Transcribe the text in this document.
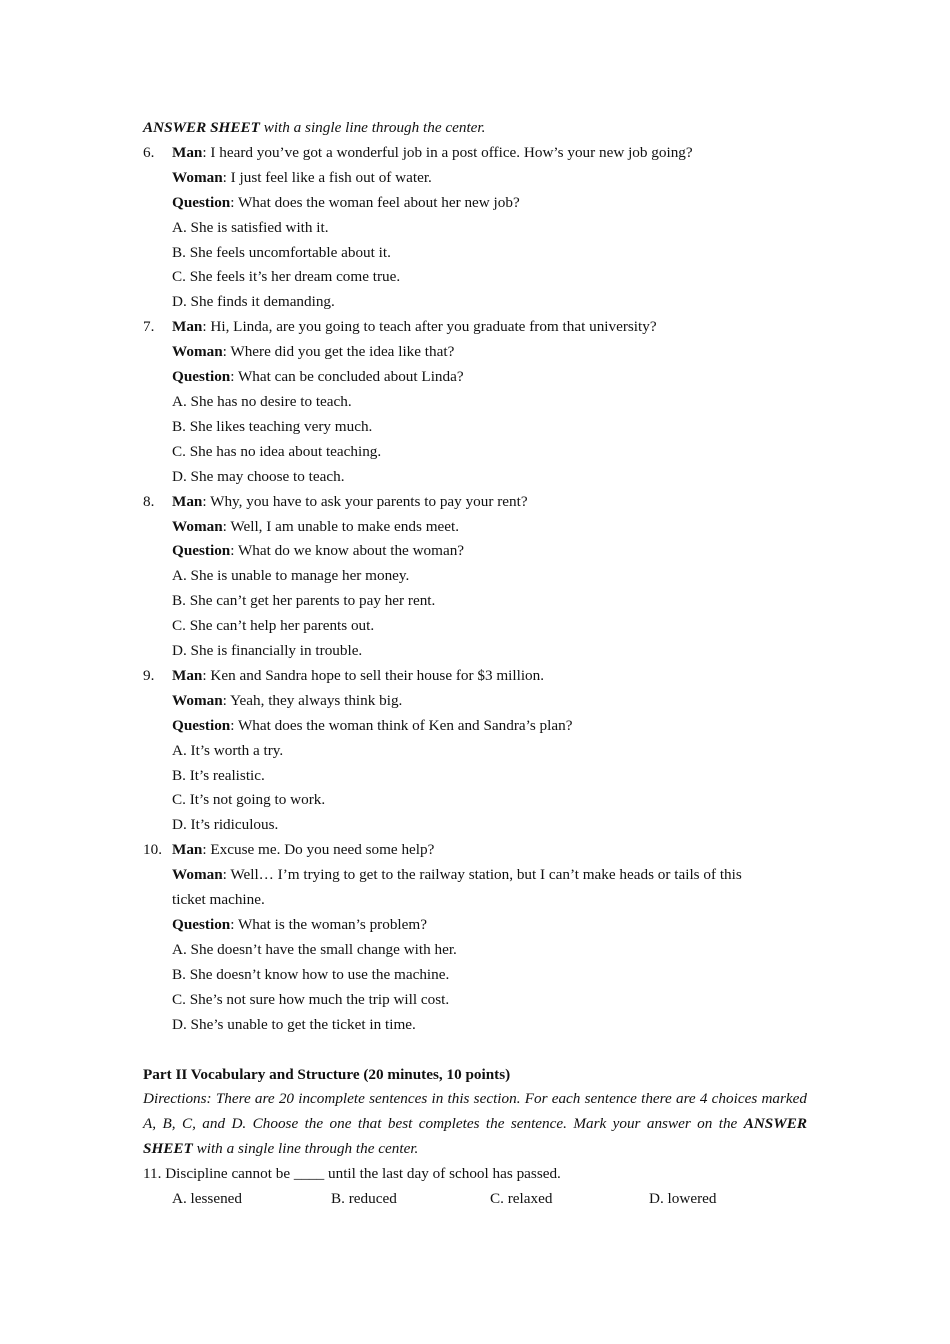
ANSWER SHEET with a single line through the center.
6.	Man: I heard you’ve got a wonderful job in a post office. How’s your new job going?
Woman: I just feel like a fish out of water.
Question: What does the woman feel about her new job?
A. She is satisfied with it.
B. She feels uncomfortable about it.
C. She feels it’s her dream come true.
D. She finds it demanding.
7.	Man: Hi, Linda, are you going to teach after you graduate from that university?
Woman: Where did you get the idea like that?
Question: What can be concluded about Linda?
A. She has no desire to teach.
B. She likes teaching very much.
C. She has no idea about teaching.
D. She may choose to teach.
8.	Man: Why, you have to ask your parents to pay your rent?
Woman: Well, I am unable to make ends meet.
Question: What do we know about the woman?
A. She is unable to manage her money.
B. She can’t get her parents to pay her rent.
C. She can’t help her parents out.
D. She is financially in trouble.
9.	Man: Ken and Sandra hope to sell their house for $3 million.
Woman: Yeah, they always think big.
Question: What does the woman think of Ken and Sandra’s plan?
A. It’s worth a try.
B. It’s realistic.
C. It’s not going to work.
D. It’s ridiculous.
10. Man: Excuse me. Do you need some help?
Woman: Well… I’m trying to get to the railway station, but I can’t make heads or tails of this
ticket machine.
Question: What is the woman’s problem?
A. She doesn’t have the small change with her.
B. She doesn’t know how to use the machine.
C. She’s not sure how much the trip will cost.
D. She’s unable to get the ticket in time.
Part II Vocabulary and Structure (20 minutes, 10 points)
Directions: There are 20 incomplete sentences in this section. For each sentence there are 4 choices marked A, B, C, and D. Choose the one that best completes the sentence. Mark your answer on the ANSWER SHEET with a single line through the center.
11. Discipline cannot be ____ until the last day of school has passed.
A. lessened	B. reduced	C. relaxed	D. lowered
